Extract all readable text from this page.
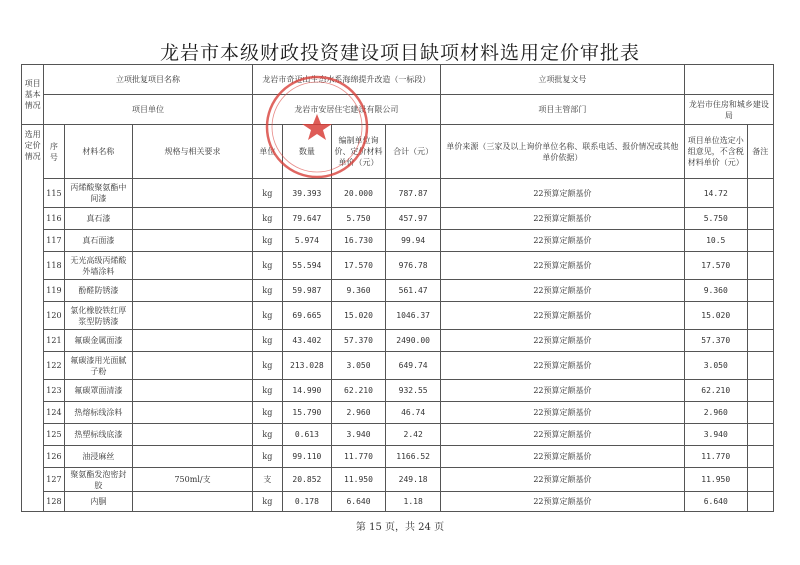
龙岩市本级财政投资建设项目缺项材料选用定价审批表
项目基本情况	立项批复项目名称			龙岩市奇迈山生态水系海绵提升改造（一标段）				立项批复文号		
	项目单位			龙岩市安居住宅建设有限公司				项目主管部门	龙岩市住房和城乡建设局	
选用定价情况	序号	材料名称	规格与相关要求	单位	数量	编制单位询价、定价材料单价（元）	合计（元）	单价来源（三家及以上询价单位名称、联系电话、报价情况或其他单价依据）	项目单位选定小组意见，不含税材料单价（元）	备注
	115	丙烯酸聚氨酯中间漆		kg	39.393	20.000	787.87	22预算定额基价	14.72	
	116	真石漆		kg	79.647	5.750	457.97	22预算定额基价	5.750	
	117	真石面漆		kg	5.974	16.730	99.94	22预算定额基价	10.5	
	118	无光高级丙烯酸外墙涂料		kg	55.594	17.570	976.78	22预算定额基价	17.570	
	119	酚醛防锈漆		kg	59.987	9.360	561.47	22预算定额基价	9.360	
	120	氯化橡胶铁红厚浆型防锈漆		kg	69.665	15.020	1046.37	22预算定额基价	15.020	
	121	氟碳金属面漆		kg	43.402	57.370	2490.00	22预算定额基价	57.370	
	122	氟碳漆用光面腻子粉		kg	213.028	3.050	649.74	22预算定额基价	3.050	
	123	氟碳罩面清漆		kg	14.990	62.210	932.55	22预算定额基价	62.210	
	124	热熔标线涂料		kg	15.790	2.960	46.74	22预算定额基价	2.960	
	125	热塑标线底漆		kg	0.613	3.940	2.42	22预算定额基价	3.940	
	126	油浸麻丝		kg	99.110	11.770	1166.52	22预算定额基价	11.770	
	127	聚氨酯发泡密封胶	750ml/支	支	20.852	11.950	249.18	22预算定额基价	11.950	
	128	内胴		kg	0.178	6.640	1.18	22预算定额基价	6.640	
第 15 页，共 24 页
